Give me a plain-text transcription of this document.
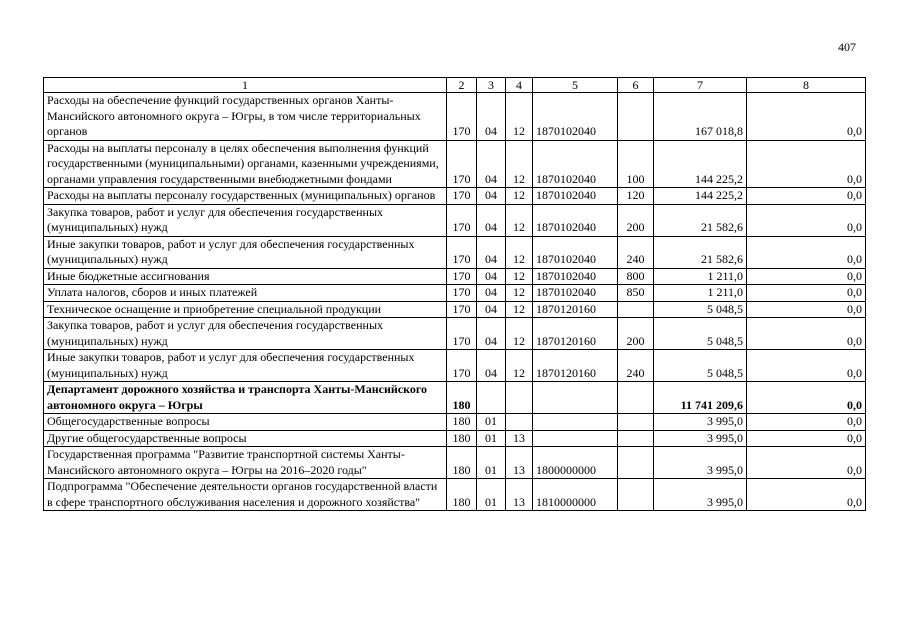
407
1	2	3	4	5	6	7	8
Расходы на обеспечение функций государственных органов Ханты-Мансийского автономного округа – Югры, в том числе территориальных органов	170	04	12	1870102040		167 018,8	0,0
Расходы на выплаты персоналу в целях обеспечения выполнения функций государственными (муниципальными) органами, казенными учреждениями, органами управления государственными внебюджетными фондами	170	04	12	1870102040	100	144 225,2	0,0
Расходы на выплаты персоналу государственных (муниципальных) органов	170	04	12	1870102040	120	144 225,2	0,0
Закупка товаров, работ и услуг для обеспечения государственных (муниципальных) нужд	170	04	12	1870102040	200	21 582,6	0,0
Иные закупки товаров, работ и услуг для обеспечения государственных (муниципальных) нужд	170	04	12	1870102040	240	21 582,6	0,0
Иные бюджетные ассигнования	170	04	12	1870102040	800	1 211,0	0,0
Уплата налогов, сборов и иных платежей	170	04	12	1870102040	850	1 211,0	0,0
Техническое оснащение и приобретение специальной продукции	170	04	12	1870120160		5 048,5	0,0
Закупка товаров, работ и услуг для обеспечения государственных (муниципальных) нужд	170	04	12	1870120160	200	5 048,5	0,0
Иные закупки товаров, работ и услуг для обеспечения государственных (муниципальных) нужд	170	04	12	1870120160	240	5 048,5	0,0
Департамент дорожного хозяйства и транспорта Ханты-Мансийского автономного округа – Югры	180					11 741 209,6	0,0
Общегосударственные вопросы	180	01				3 995,0	0,0
Другие общегосударственные вопросы	180	01	13			3 995,0	0,0
Государственная программа "Развитие транспортной системы Ханты-Мансийского автономного округа – Югры на 2016–2020 годы"	180	01	13	1800000000		3 995,0	0,0
Подпрограмма "Обеспечение деятельности органов государственной власти в сфере транспортного обслуживания населения и дорожного хозяйства"	180	01	13	1810000000		3 995,0	0,0
